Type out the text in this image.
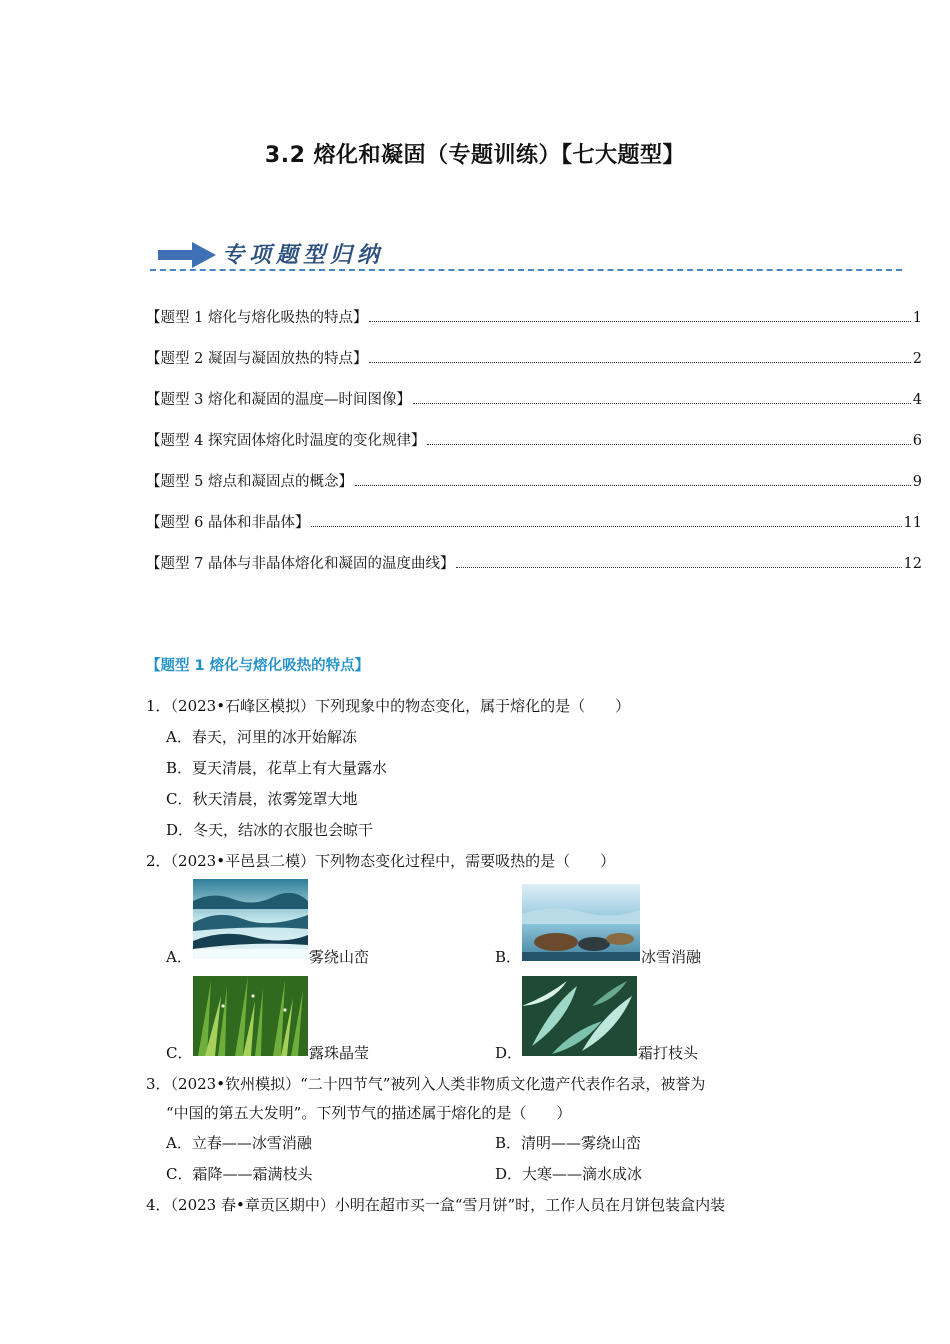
3.2 熔化和凝固（专题训练）【七大题型】
专项题型归纳
【题型 1 熔化与熔化吸热的特点】	1
【题型 2 凝固与凝固放热的特点】	2
【题型 3 熔化和凝固的温度—时间图像】	4
【题型 4 探究固体熔化时温度的变化规律】	6
【题型 5 熔点和凝固点的概念】	9
【题型 6 晶体和非晶体】	11
【题型 7 晶体与非晶体熔化和凝固的温度曲线】	12
【题型 1 熔化与熔化吸热的特点】
1．（2023•石峰区模拟）下列现象中的物态变化，属于熔化的是（　　）
A．春天，河里的冰开始解冻
B．夏天清晨，花草上有大量露水
C．秋天清晨，浓雾笼罩大地
D．冬天，结冰的衣服也会晾干
2．（2023•平邑县二模）下列物态变化过程中，需要吸热的是（　　）
A．	雾绕山峦	B．	冰雪消融
C．	露珠晶莹	D．	霜打枝头
3．（2023•钦州模拟）“二十四节气”被列入人类非物质文化遗产代表作名录，被誉为
“中国的第五大发明”。下列节气的描述属于熔化的是（　　）
A．立春——冰雪消融	B．清明——雾绕山峦
C．霜降——霜满枝头	D．大寒——滴水成冰
4．（2023 春•章贡区期中）小明在超市买一盒“雪月饼”时，工作人员在月饼包装盒内装
